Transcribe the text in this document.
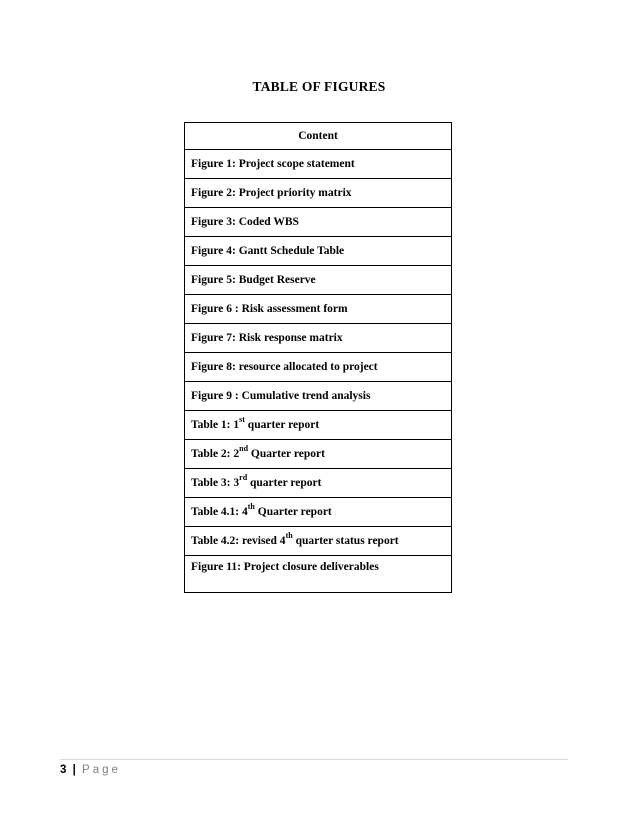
TABLE OF FIGURES
Content
Figure 1: Project scope statement
Figure 2: Project priority matrix
Figure 3: Coded WBS
Figure 4: Gantt Schedule Table
Figure 5: Budget Reserve
Figure 6 : Risk assessment form
Figure 7: Risk response matrix
Figure 8: resource allocated to project
Figure 9 : Cumulative trend analysis
Table 1: 1st quarter report
Table 2: 2nd Quarter report
Table 3: 3rd quarter report
Table 4.1: 4th Quarter report
Table 4.2: revised 4th quarter status report
Figure 11: Project closure deliverables
3 | Page
